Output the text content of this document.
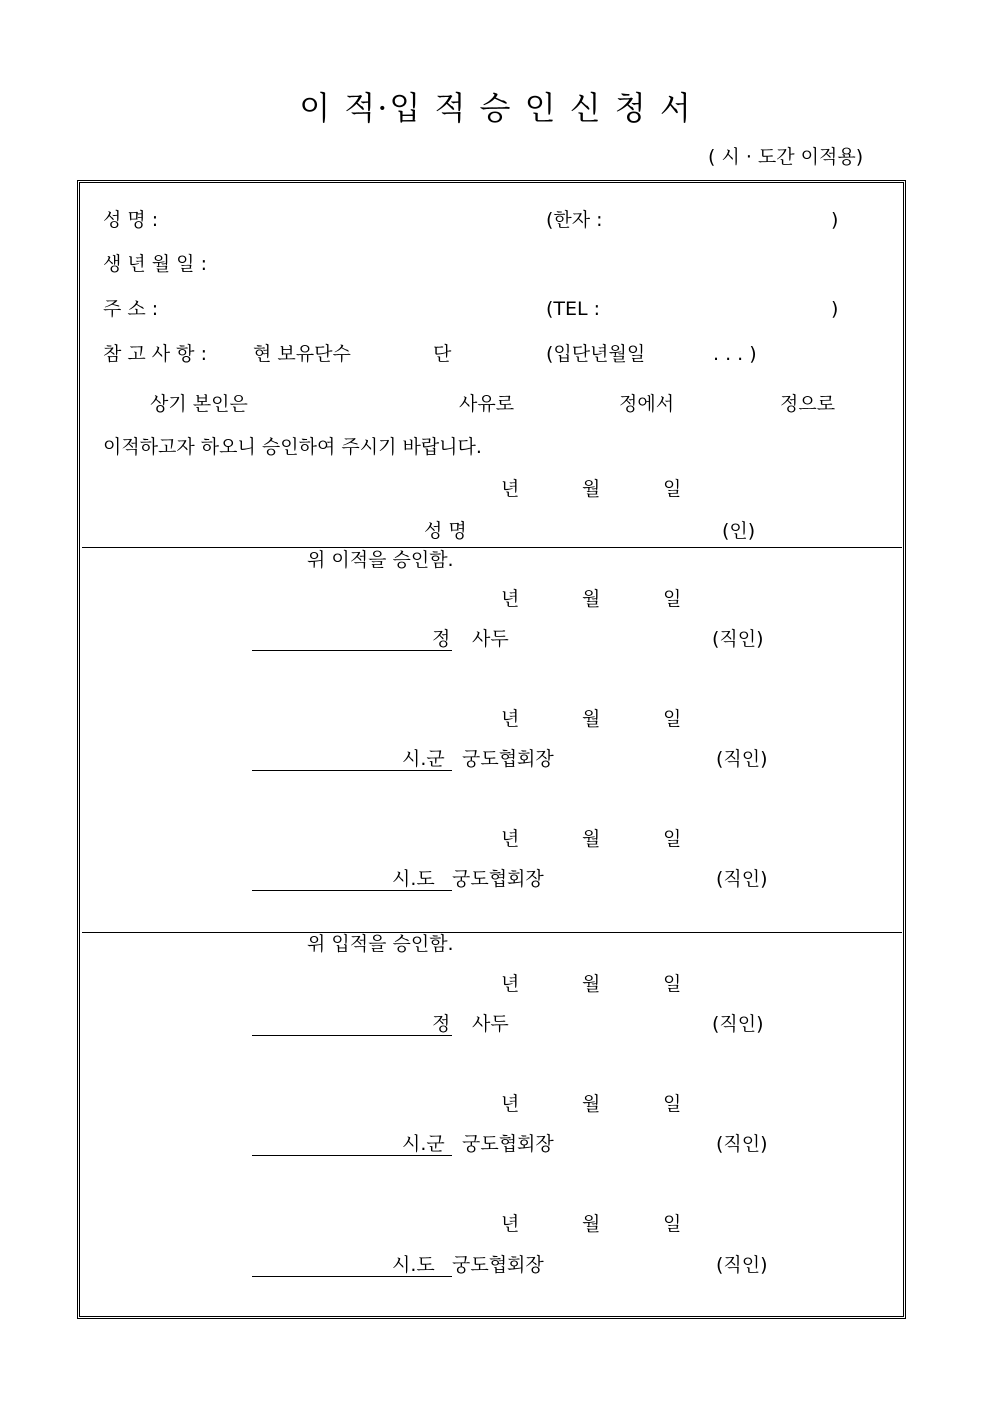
이 적·입 적 승 인 신 청 서
( 시 · 도간 이적용)
성 명 :	(한자 :	)
생 년 월 일 :
주 소 :	(TEL :	)
참 고 사 항 : 현 보유단수	단	(입단년월일	. . . )
상기 본인은	사유로	정에서	정으로
이적하고자 하오니 승인하여 주시기 바랍니다.
년	월	일
성 명	(인)
위 이적을 승인함.
년	월	일
정 사두	(직인)
년	월	일
시.군 궁도협회장	(직인)
년	월	일
시.도 궁도협회장	(직인)
위 입적을 승인함.
년	월	일
정 사두	(직인)
년	월	일
시.군 궁도협회장	(직인)
년	월	일
시.도 궁도협회장	(직인)
